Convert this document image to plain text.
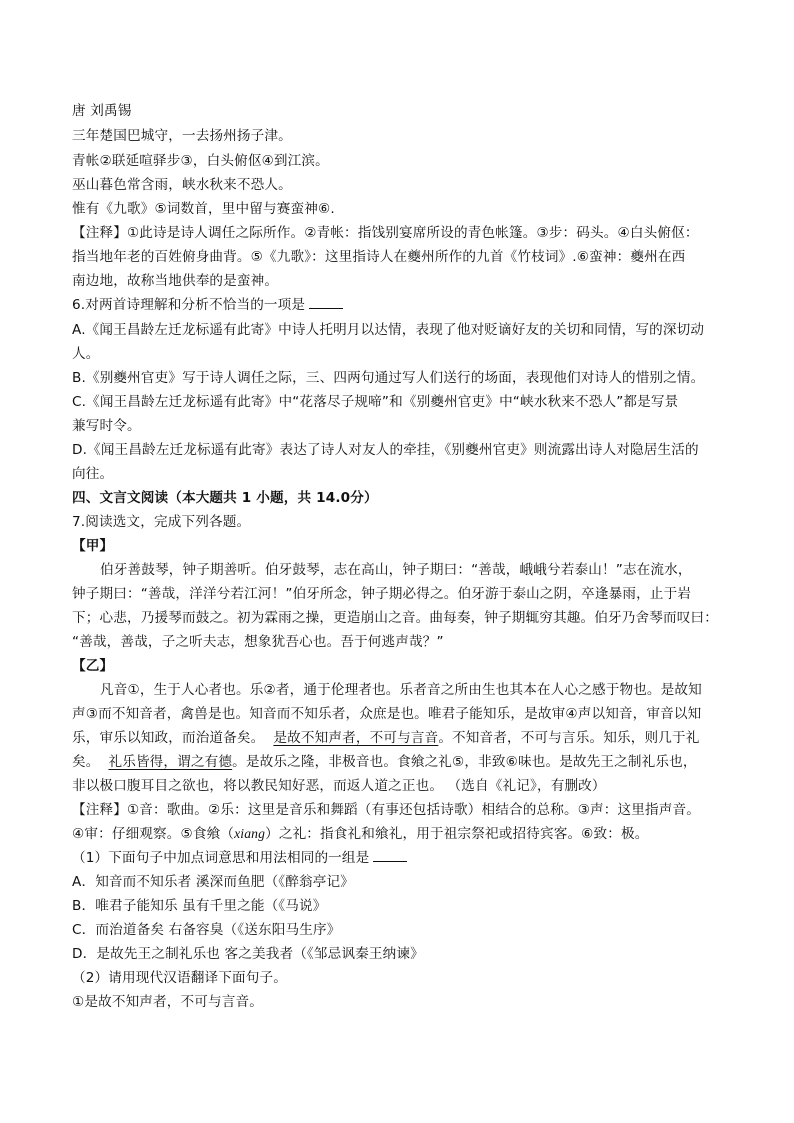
唐 刘禹锡
三年楚国巴城守，一去扬州扬子津。
青帐②联延喧驿步③，白头俯伛④到江滨。
巫山暮色常含雨，峡水秋来不恐人。
惟有《九歌》⑤词数首，里中留与赛蛮神⑥.
【注释】①此诗是诗人调任之际所作。②青帐：指饯别宴席所设的青色帐篷。③步：码头。④白头俯伛：
指当地年老的百姓俯身曲背。⑤《九歌》：这里指诗人在夔州所作的九首《竹枝词》.⑥蛮神：夔州在西
南边地，故称当地供奉的是蛮神。
6.对两首诗理解和分析不恰当的一项是
A.《闻王昌龄左迁龙标遥有此寄》中诗人托明月以达情，表现了他对贬谪好友的关切和同情，写的深切动
人。
B.《别夔州官吏》写于诗人调任之际，三、四两句通过写人们送行的场面，表现他们对诗人的惜别之情。
C.《闻王昌龄左迁龙标遥有此寄》中“花落尽子规啼”和《别夔州官吏》中“峡水秋来不恐人”都是写景
兼写时令。
D.《闻王昌龄左迁龙标遥有此寄》表达了诗人对友人的牵挂，《别夔州官吏》则流露出诗人对隐居生活的
向往。
四、文言文阅读（本大题共 1 小题，共 14.0分）
7.阅读选文，完成下列各题。
【甲】
伯牙善鼓琴，钟子期善听。伯牙鼓琴，志在高山，钟子期曰：“善哉，峨峨兮若泰山！”志在流水，
钟子期曰：“善哉，洋洋兮若江河！”伯牙所念，钟子期必得之。伯牙游于泰山之阴，卒逢暴雨，止于岩
下；心悲，乃援琴而鼓之。初为霖雨之操，更造崩山之音。曲每奏，钟子期辄穷其趣。伯牙乃舍琴而叹曰：
“善哉，善哉，子之听夫志，想象犹吾心也。吾于何逃声哉？”
【乙】
凡音①，生于人心者也。乐②者，通于伦理者也。乐者音之所由生也其本在人心之感于物也。是故知
声③而不知音者，禽兽是也。知音而不知乐者，众庶是也。唯君子能知乐，是故审④声以知音，审音以知
乐，审乐以知政，而治道备矣。 是故不知声者，不可与言音。不知音者，不可与言乐。知乐，则几于礼
矣。 礼乐皆得，谓之有德。是故乐之隆，非极音也。食飨之礼⑤，非致⑥味也。是故先王之制礼乐也，
非以极口腹耳目之欲也，将以教民知好恶，而返人道之正也。 （选自《礼记》，有删改）
【注释】①音：歌曲。②乐：这里是音乐和舞蹈（有事还包括诗歌）相结合的总称。③声：这里指声音。
④审：仔细观察。⑤食飨（xiang）之礼：指食礼和飨礼，用于祖宗祭祀或招待宾客。⑥致：极。
（1）下面句子中加点词意思和用法相同的一组是
A．知音而不知乐者 溪深而鱼肥（《醉翁亭记》
B．唯君子能知乐 虽有千里之能（《马说》
C．而治道备矣 右备容臭（《送东阳马生序》
D．是故先王之制礼乐也 客之美我者（《邹忌讽秦王纳谏》
（2）请用现代汉语翻译下面句子。
①是故不知声者，不可与言音。
